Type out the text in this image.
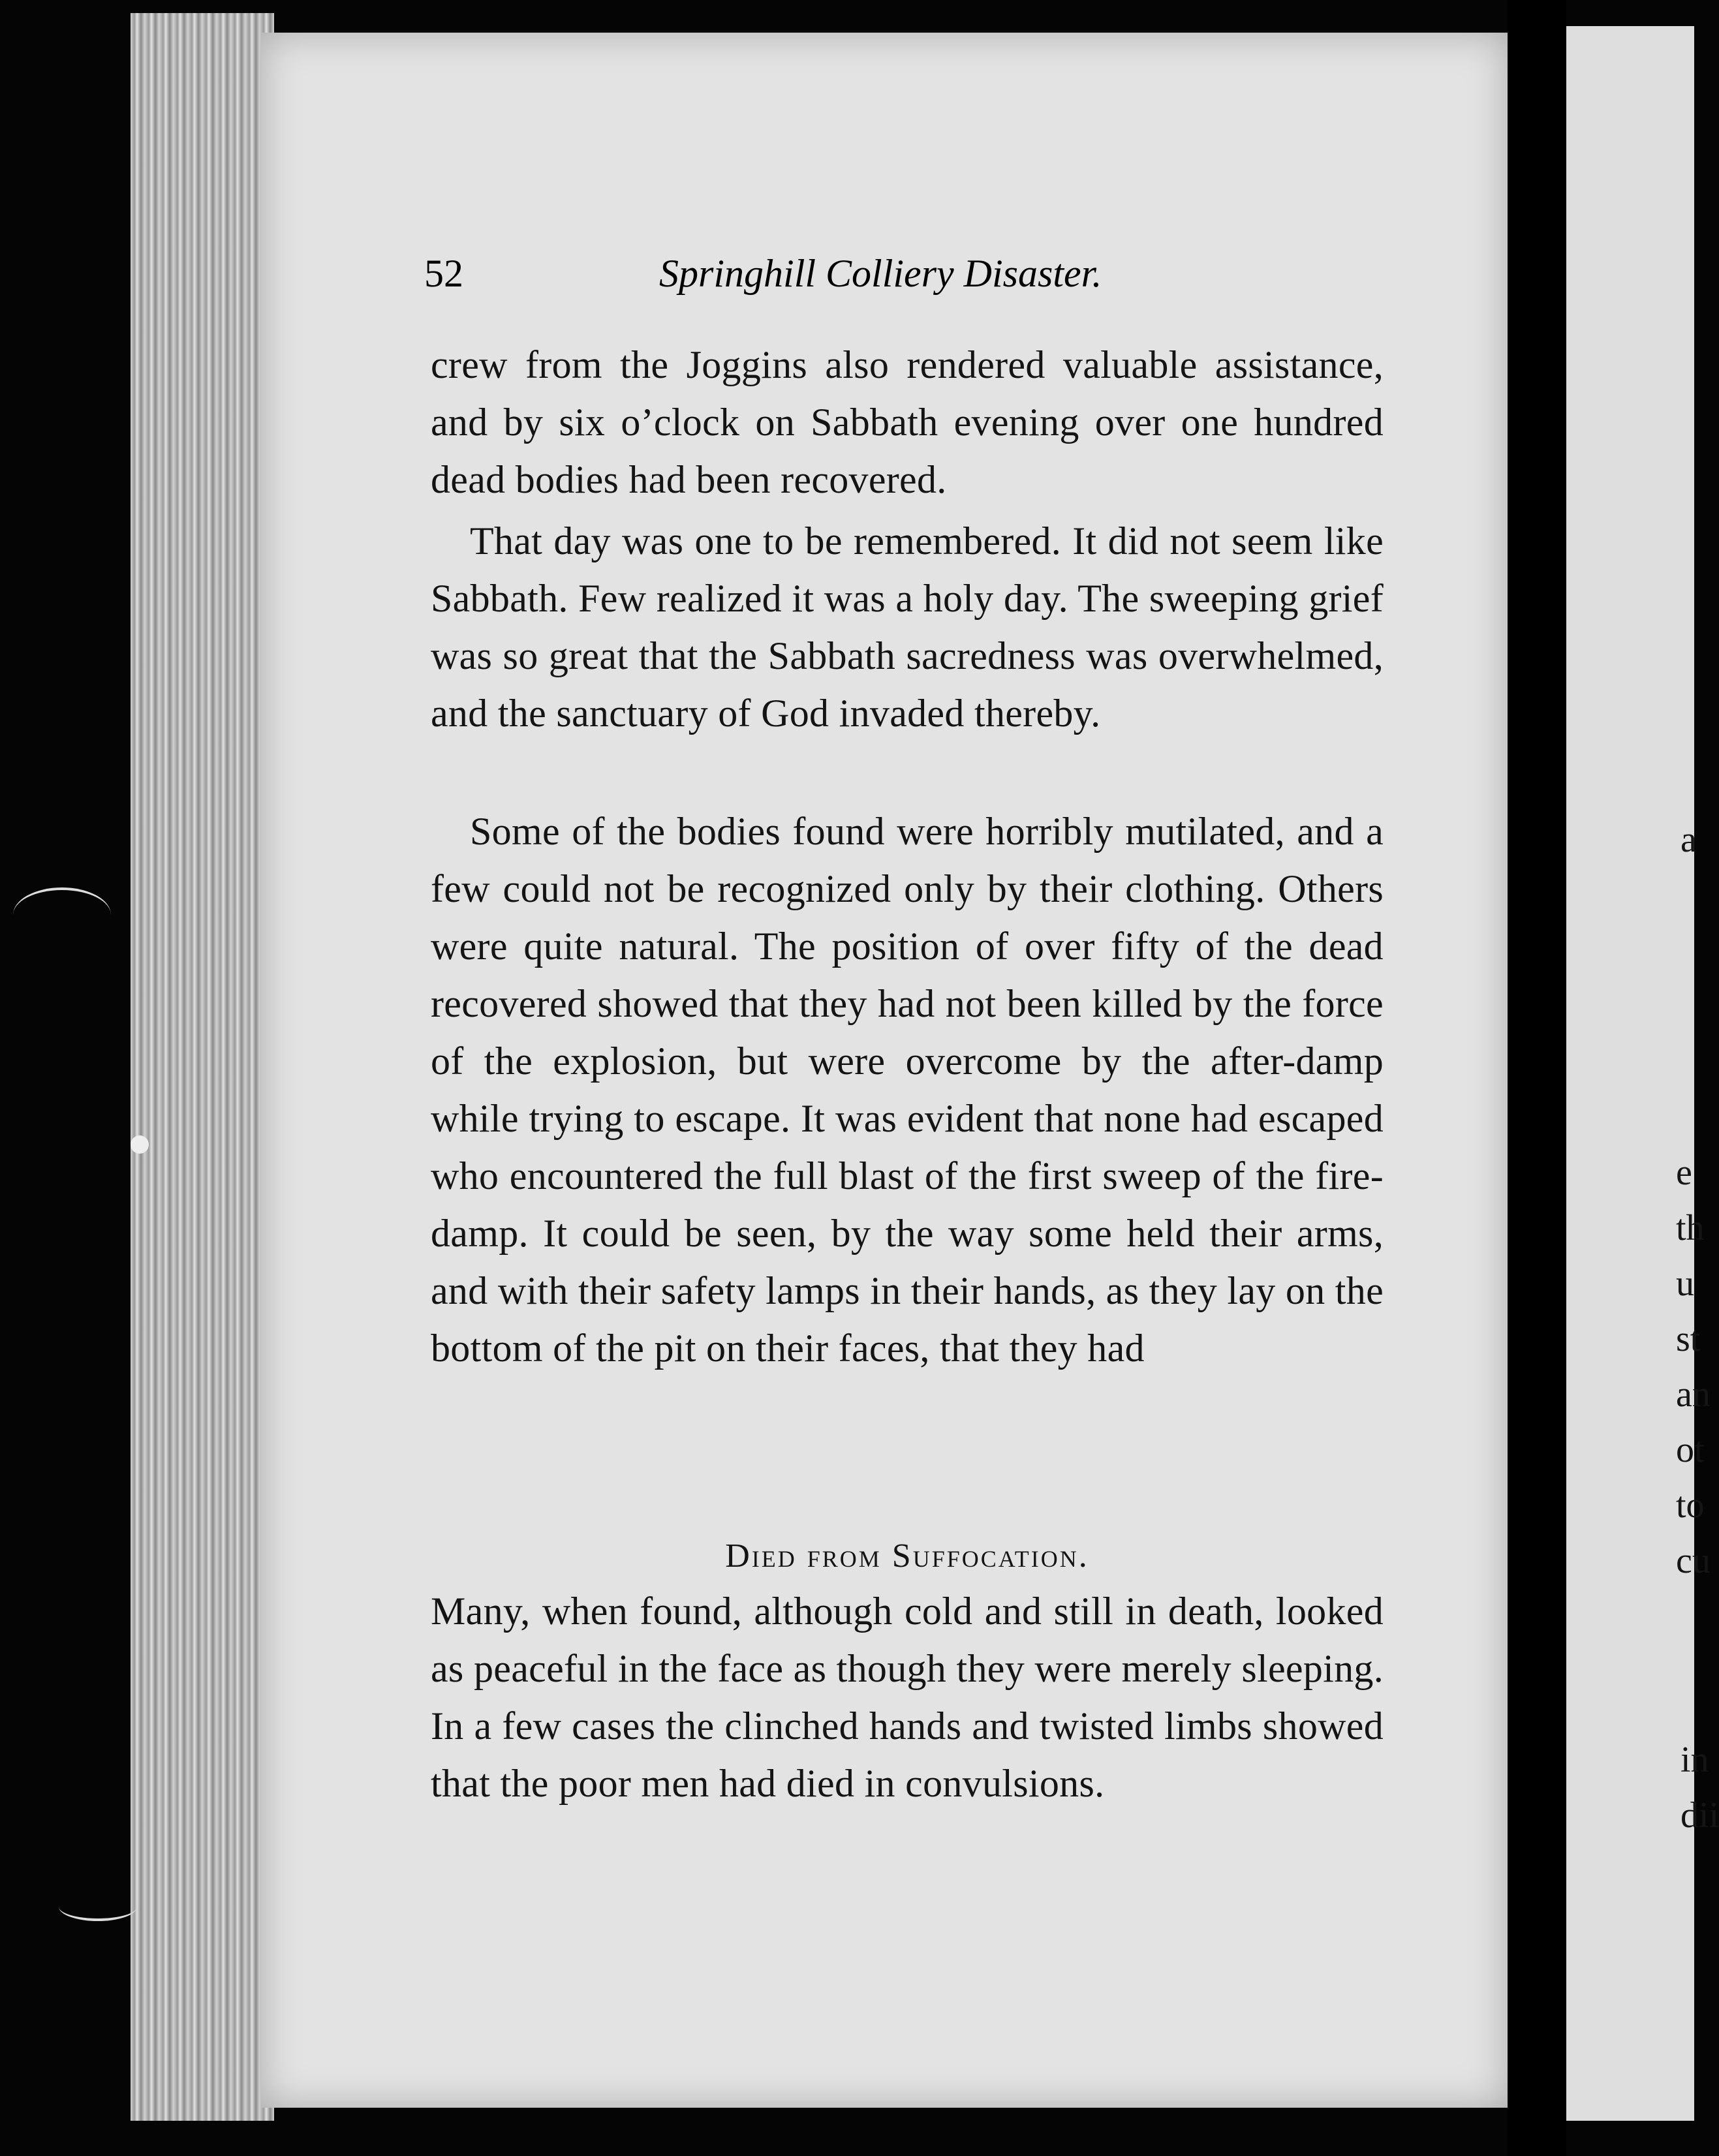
a
e
th
u
st
an
ot
to
cu
in
dii
52	Springhill Colliery Disaster.

crew from the Joggins also rendered valuable assistance, and by six o’clock on Sabbath evening over one hundred dead bodies had been recovered.

That day was one to be remembered. It did not seem like Sabbath. Few realized it was a holy day. The sweeping grief was so great that the Sabbath sacredness was overwhelmed, and the sanctuary of God invaded thereby.

Some of the bodies found were horribly mutilated, and a few could not be recognized only by their clothing. Others were quite natural. The position of over fifty of the dead recovered showed that they had not been killed by the force of the explosion, but were overcome by the after-damp while trying to escape. It was evident that none had escaped who encountered the full blast of the first sweep of the fire-damp. It could be seen, by the way some held their arms, and with their safety lamps in their hands, as they lay on the bottom of the pit on their faces, that they had

Died from Suffocation.

Many, when found, although cold and still in death, looked as peaceful in the face as though they were merely sleeping. In a few cases the clinched hands and twisted limbs showed that the poor men had died in convulsions.
